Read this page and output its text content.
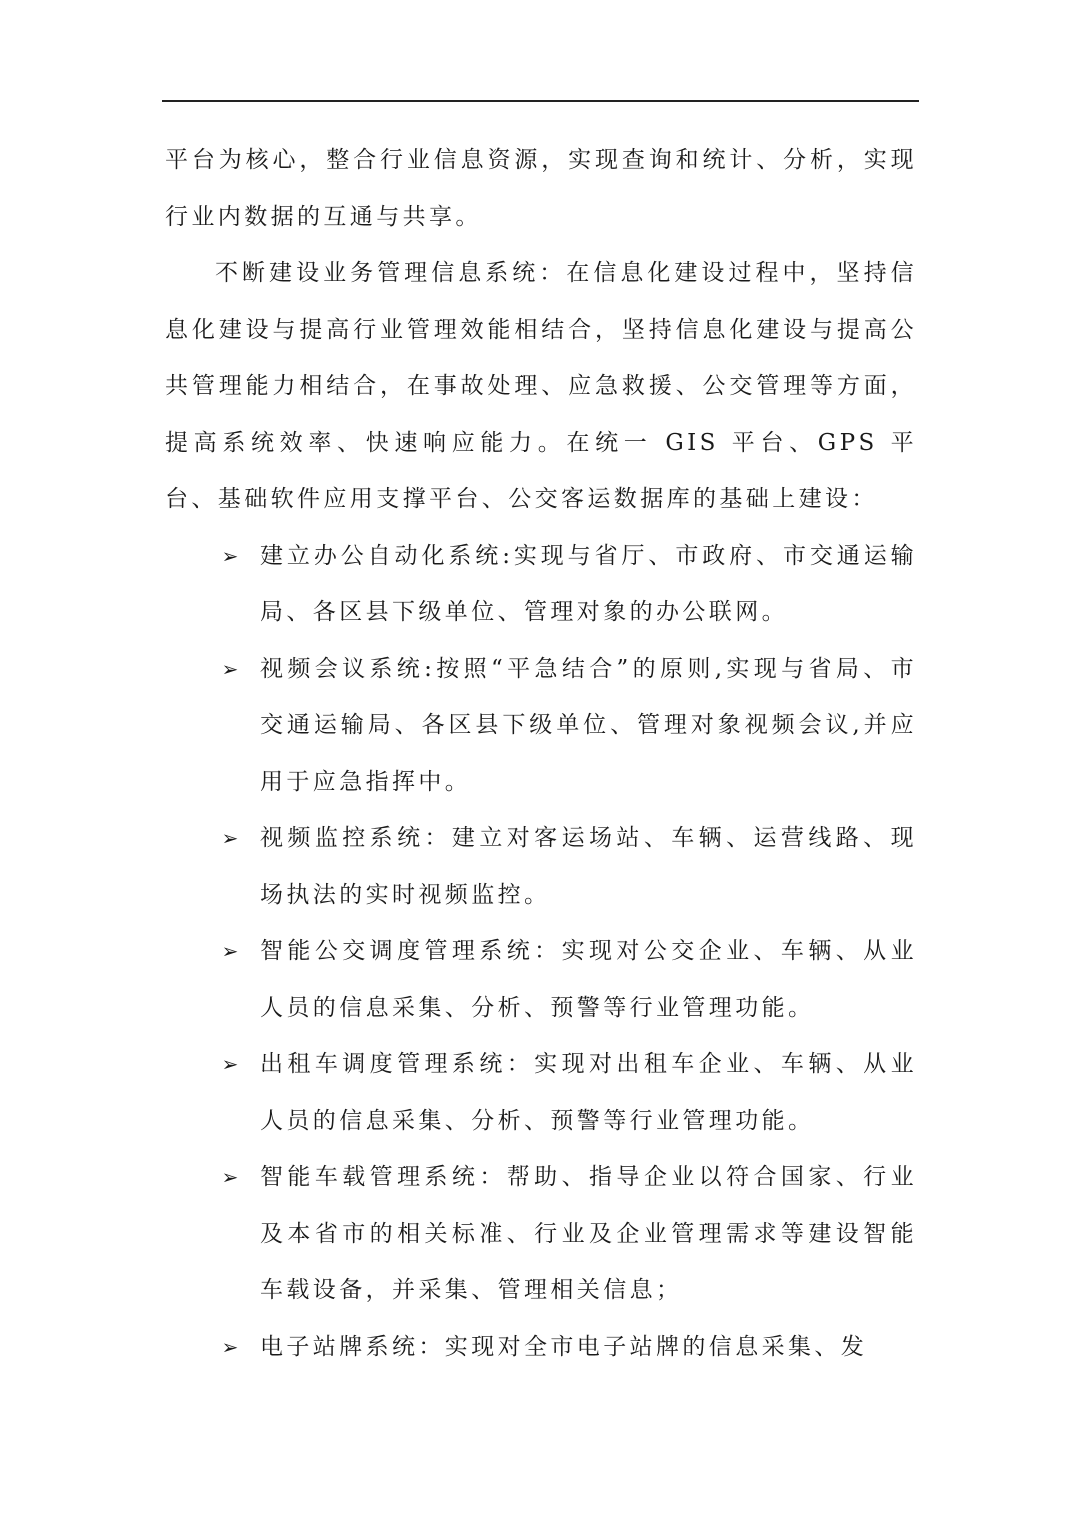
平台为核心，整合行业信息资源，实现查询和统计、分析，实现行业内数据的互通与共享。

不断建设业务管理信息系统：在信息化建设过程中，坚持信息化建设与提高行业管理效能相结合，坚持信息化建设与提高公共管理能力相结合，在事故处理、应急救援、公交管理等方面，提高系统效率、快速响应能力。在统一 GIS 平台、GPS 平台、基础软件应用支撑平台、公交客运数据库的基础上建设：

➢ 建立办公自动化系统:实现与省厅、市政府、市交通运输局、各区县下级单位、管理对象的办公联网。
➢ 视频会议系统:按照“平急结合”的原则,实现与省局、市交通运输局、各区县下级单位、管理对象视频会议,并应用于应急指挥中。
➢ 视频监控系统：建立对客运场站、车辆、运营线路、现场执法的实时视频监控。
➢ 智能公交调度管理系统：实现对公交企业、车辆、从业人员的信息采集、分析、预警等行业管理功能。
➢ 出租车调度管理系统：实现对出租车企业、车辆、从业人员的信息采集、分析、预警等行业管理功能。
➢ 智能车载管理系统：帮助、指导企业以符合国家、行业及本省市的相关标准、行业及企业管理需求等建设智能车载设备，并采集、管理相关信息；
➢ 电子站牌系统：实现对全市电子站牌的信息采集、发
